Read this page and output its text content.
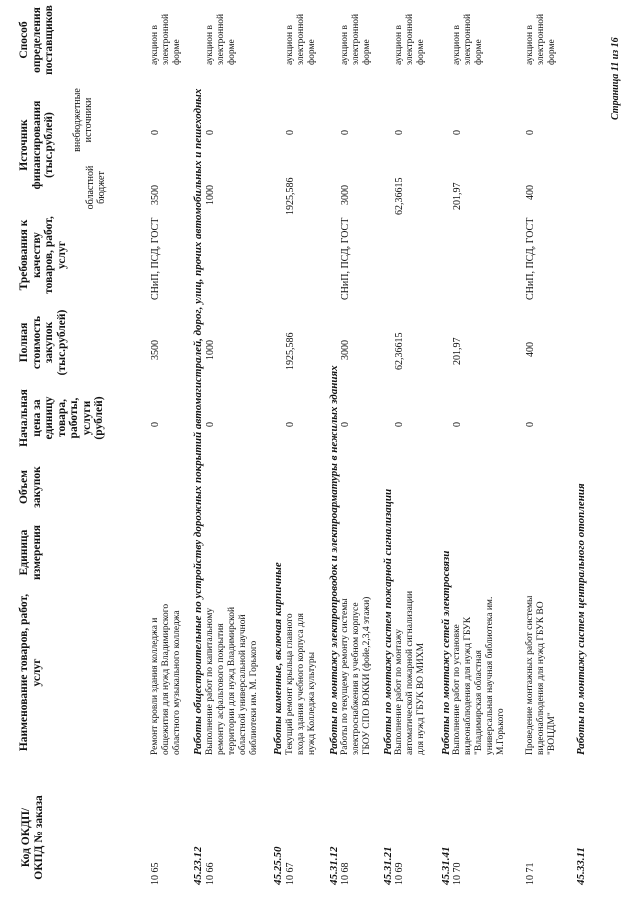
Код ОКДП/ ОКПД № заказа
Наименование товаров, работ, услуг
Единица измерения
Объем закупок
Начальная цена за единицу товара, работы, услуги (рублей)
Полная стоимость закупок (тыс.рублей)
Требования к качеству товаров, работ, услуг
Источник финансирования (тыс.рублей)
областной бюджет
внебюджетные источники
Способ определения поставщиков
10 65
Ремонт кровли здания колледжа и общежития для нужд Владимирского областного музыкального колледжа
0
3500
СНиП, ПСД, ГОСТ
3500
0
аукцион в электронной форме
45.23.12
Работы общестроительные по устройству дорожных покрытий автомагистралей, дорог, улиц, прочих автомобильных и пешеходных
10 66
Выполнение работ по капитальному ремонту асфальтового покрытия территории для нужд Владимирской областной универсальной научной библиотеки им. М. Горького
0
1000
1000
0
аукцион в электронной форме
45.25.50
Работы каменные, включая кирпичные
10 67
Текущий ремонт крыльца главного входа здания учебного корпуса для нужд Колледжа культуры
0
1925,586
1925,586
0
аукцион в электронной форме
45.31.12
Работы по монтажу электропроводок и электроарматуры в нежилых зданиях
10 68
Работы по текущему ремонту системы электроснабжения в учебном корпусе ГБОУ СПО ВОККИ (фойе,2,3,4 этажи)
0
3000
СНиП, ПСД, ГОСТ
3000
0
аукцион в электронной форме
45.31.21
Работы по монтажу систем пожарной сигнализации
10 69
Выполнение работ по монтажу автоматической пожарной сигнализации для нужд ГБУК ВО МИХМ
0
62,36615
62,36615
0
аукцион в электронной форме
45.31.41
Работы по монтажу сетей электросвязи
10 70
Выполнение работ по установке видеонаблюдения для нужд ГБУК "Владимирская областная универсальная научная библиотека им. М.Горького
0
201,97
201,97
0
аукцион в электронной форме
10 71
Проведение монтажных работ системы видеонаблюдения для нужд ГБУК ВО "ВОЦДМ"
0
400
СНиП, ПСД, ГОСТ
400
0
аукцион в электронной форме
45.33.11
Работы по монтажу систем центрального отопления
Страница 11 из 16
